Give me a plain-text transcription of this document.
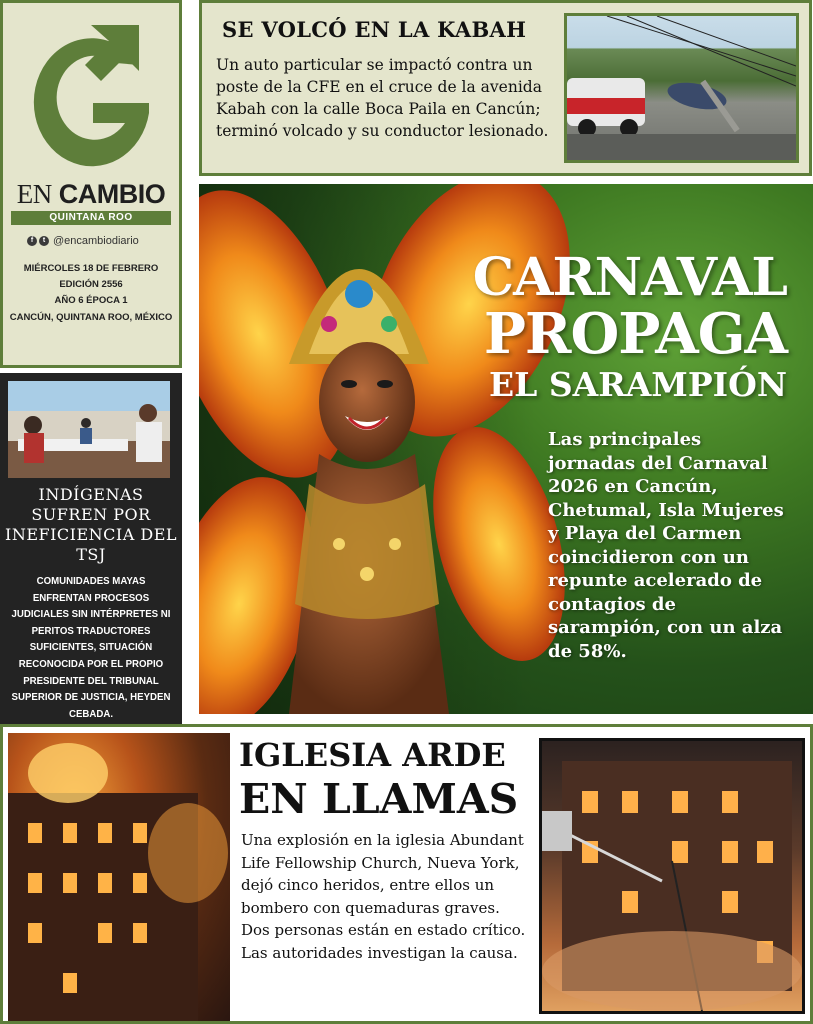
EN CAMBIO
QUINTANA ROO
f	t @encambiodiario
MIÉRCOLES 18 DE FEBRERO
EDICIÓN 2556
AÑO 6 ÉPOCA 1
CANCÚN, QUINTANA ROO, MÉXICO
SE VOLCÓ EN LA KABAH

Un auto particular se impactó contra un poste de la CFE en el cruce de la avenida Kabah con la calle Boca Paila en Cancún; terminó volcado y su conductor lesionado.

CARNAVAL
PROPAGA
EL SARAMPIÓN

Las principales jornadas del Carnaval 2026 en Cancún, Chetumal, Isla Mujeres y Playa del Carmen coincidieron con un repunte acelerado de contagios de sarampión, con un alza de 58%.

INDÍGENAS SUFREN POR INEFICIENCIA DEL TSJ

COMUNIDADES MAYAS ENFRENTAN PROCESOS JUDICIALES SIN INTÉRPRETES NI PERITOS TRADUCTORES SUFICIENTES, SITUACIÓN RECONOCIDA POR EL PROPIO PRESIDENTE DEL TRIBUNAL SUPERIOR DE JUSTICIA, HEYDEN CEBADA.

IGLESIA ARDE
EN LLAMAS

Una explosión en la iglesia Abundant Life Fellowship Church, Nueva York, dejó cinco heridos, entre ellos un bombero con quemaduras graves. Dos personas están en estado crítico. Las autoridades investigan la causa.
